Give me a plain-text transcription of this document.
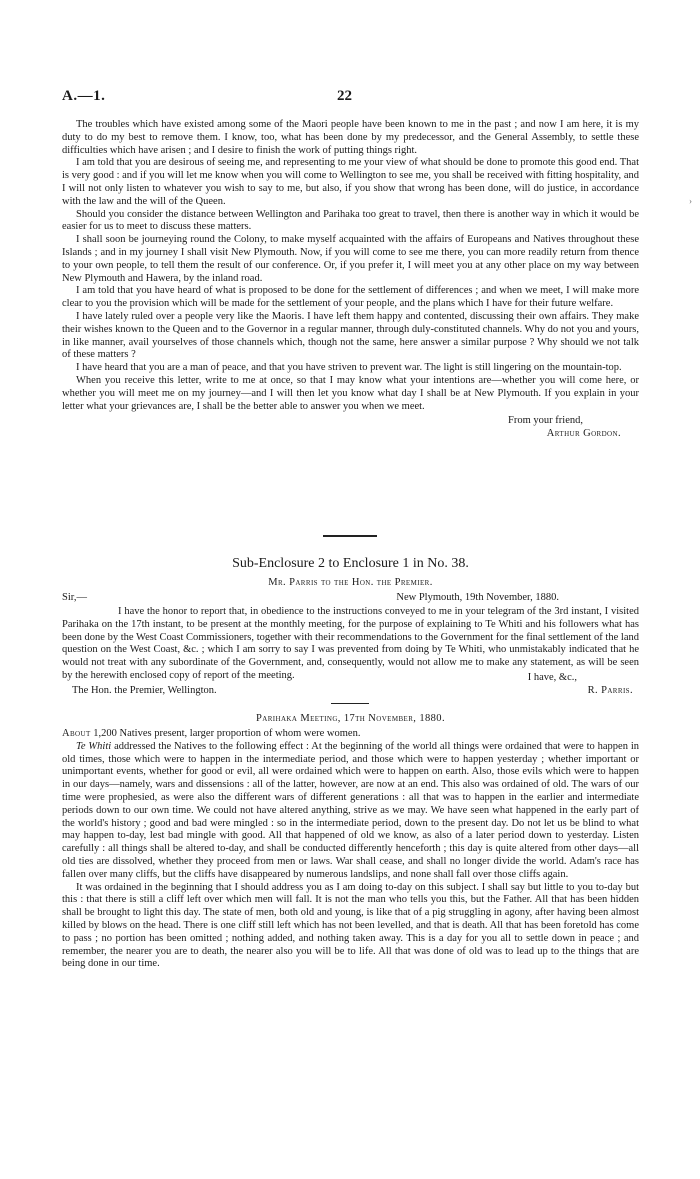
A.—1.	22
›

The troubles which have existed among some of the Maori people have been known to me in the past ; and now I am here, it is my duty to do my best to remove them. I know, too, what has been done by my predecessor, and the General Assembly, to settle these difficulties which have arisen ; and I desire to finish the work of putting things right.

I am told that you are desirous of seeing me, and representing to me your view of what should be done to promote this good end. That is very good : and if you will let me know when you will come to Wellington to see me, you shall be received with fitting hospitality, and I will not only listen to whatever you wish to say to me, but also, if you show that wrong has been done, will do justice, in accordance with the law and the will of the Queen.

Should you consider the distance between Wellington and Parihaka too great to travel, then there is another way in which it would be easier for us to meet to discuss these matters.

I shall soon be journeying round the Colony, to make myself acquainted with the affairs of Europeans and Natives throughout these Islands ; and in my journey I shall visit New Plymouth. Now, if you will come to see me there, you can more readily return from thence to your own people, to tell them the result of our conference. Or, if you prefer it, I will meet you at any other place on my way between New Plymouth and Hawera, by the inland road.

I am told that you have heard of what is proposed to be done for the settlement of differences ; and when we meet, I will make more clear to you the provision which will be made for the settlement of your people, and the plans which I have for their future welfare.

I have lately ruled over a people very like the Maoris. I have left them happy and contented, discussing their own affairs. They make their wishes known to the Queen and to the Governor in a regular manner, through duly-constituted channels. Why do not you and yours, in like manner, avail yourselves of those channels which, though not the same, here answer a similar purpose ? Why should we not talk of these matters ?

I have heard that you are a man of peace, and that you have striven to prevent war. The light is still lingering on the mountain-top.

When you receive this letter, write to me at once, so that I may know what your intentions are—whether you will come here, or whether you will meet me on my journey—and I will then let you know what day I shall be at New Plymouth. If you explain in your letter what your grievances are, I shall be the better able to answer you when we meet.

From your friend,
Arthur Gordon.
Sub-Enclosure 2 to Enclosure 1 in No. 38.
Mr. Parris to the Hon. the Premier.
Sir,—	New Plymouth, 19th November, 1880.

I have the honor to report that, in obedience to the instructions conveyed to me in your telegram of the 3rd instant, I visited Parihaka on the 17th instant, to be present at the monthly meeting, for the purpose of explaining to Te Whiti and his followers what has been done by the West Coast Commissioners, together with their recommendations to the Government for the final settlement of the land question on the West Coast, &c. ; which I am sorry to say I was prevented from doing by Te Whiti, who unmistakably indicated that he would not treat with any subordinate of the Government, and, consequently, would not allow me to make any statement, as will be seen by the herewith enclosed copy of report of the meeting.	I have, &c.,
The Hon. the Premier, Wellington.	R. Parris.
Parihaka Meeting, 17th November, 1880.

About 1,200 Natives present, larger proportion of whom were women.

Te Whiti addressed the Natives to the following effect : At the beginning of the world all things were ordained that were to happen in old times, those which were to happen in the intermediate period, and those which were to happen yesterday ; whether important or unimportant events, whether for good or evil, all were ordained which were to happen on earth. Also, those evils which were to happen in our days—namely, wars and dissensions : all of the latter, however, are now at an end. This also was ordained of old. The wars of our time were prophesied, as were also the different wars of different generations : all that was to happen in the earlier and intermediate periods down to our own time. We could not have altered anything, strive as we may. We have seen what happened in the early part of the world's history ; good and bad were mingled : so in the intermediate period, down to the present day. Do not let us be blind to what may happen to-day, lest bad mingle with good. All that happened of old we know, as also of a later period down to yesterday. Listen carefully : all things shall be altered to-day, and shall be conducted differently henceforth ; this day is quite altered from other days—all old ties are dissolved, whether they proceed from men or laws. War shall cease, and shall no longer divide the world. Adam's race has fallen over many cliffs, but the cliffs have disappeared by numerous landslips, and none shall fall over those cliffs again.

It was ordained in the beginning that I should address you as I am doing to-day on this subject. I shall say but little to you to-day but this : that there is still a cliff left over which men will fall. It is not the man who tells you this, but the Father. All that has been hidden shall be brought to light this day. The state of men, both old and young, is like that of a pig struggling in agony, after having been almost killed by blows on the head. There is one cliff still left which has not been levelled, and that is death. All that has been foretold has come to pass ; no portion has been omitted ; nothing added, and nothing taken away. This is a day for you all to settle down in peace ; and remember, the nearer you are to death, the nearer also you will be to life. All that was done of old was to lead up to the things that are being done in our time.
